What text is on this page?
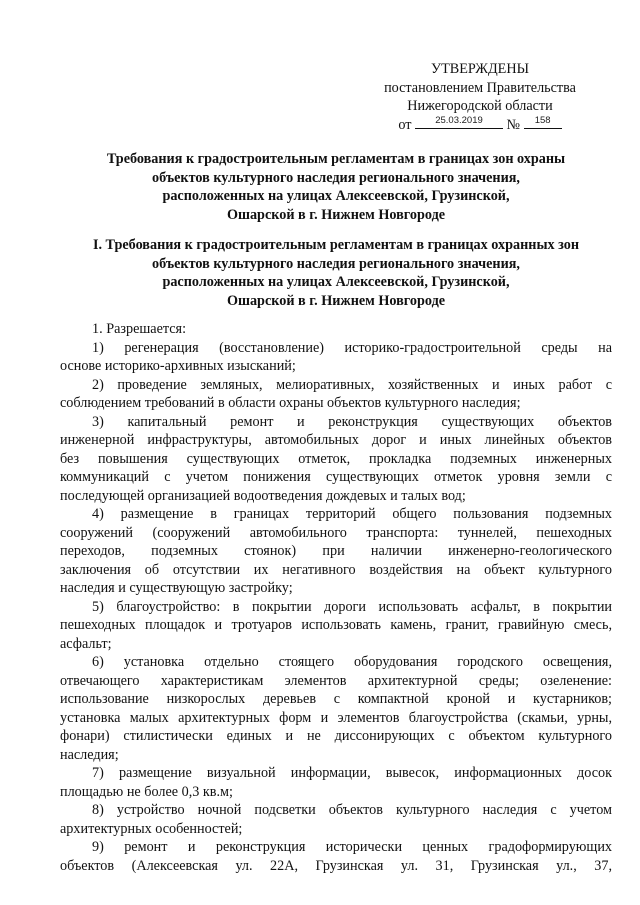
УТВЕРЖДЕНЫ
постановлением Правительства
Нижегородской области
от	25.03.2019	№	158
Требования к градостроительным регламентам в границах зон охраны
объектов культурного наследия регионального значения,
расположенных на улицах Алексеевской, Грузинской,
Ошарской в г. Нижнем Новгороде
I. Требования к градостроительным регламентам в границах охранных зон
объектов культурного наследия регионального значения,
расположенных на улицах Алексеевской, Грузинской,
Ошарской в г. Нижнем Новгороде
1. Разрешается:
1) регенерация (восстановление) историко-градостроительной среды на
основе историко-архивных изысканий;
2) проведение земляных, мелиоративных, хозяйственных и иных работ с
соблюдением требований в области охраны объектов культурного наследия;
3) капитальный ремонт и реконструкция существующих объектов
инженерной инфраструктуры, автомобильных дорог и иных линейных объектов
без повышения существующих отметок, прокладка подземных инженерных
коммуникаций с учетом понижения существующих отметок уровня земли с
последующей организацией водоотведения дождевых и талых вод;
4) размещение в границах территорий общего пользования подземных
сооружений (сооружений автомобильного транспорта: туннелей, пешеходных
переходов, подземных стоянок) при наличии инженерно-геологического
заключения об отсутствии их негативного воздействия на объект культурного
наследия и существующую застройку;
5) благоустройство: в покрытии дороги использовать асфальт, в покрытии
пешеходных площадок и тротуаров использовать камень, гранит, гравийную смесь,
асфальт;
6) установка отдельно стоящего оборудования городского освещения,
отвечающего характеристикам элементов архитектурной среды; озеленение:
использование низкорослых деревьев с компактной кроной и кустарников;
установка малых архитектурных форм и элементов благоустройства (скамьи, урны,
фонари) стилистически единых и не диссонирующих с объектом культурного
наследия;
7) размещение визуальной информации, вывесок, информационных досок
площадью не более 0,3 кв.м;
8) устройство ночной подсветки объектов культурного наследия с учетом
архитектурных особенностей;
9) ремонт и реконструкция исторически ценных градоформирующих
объектов (Алексеевская ул. 22А, Грузинская ул. 31, Грузинская ул., 37,
